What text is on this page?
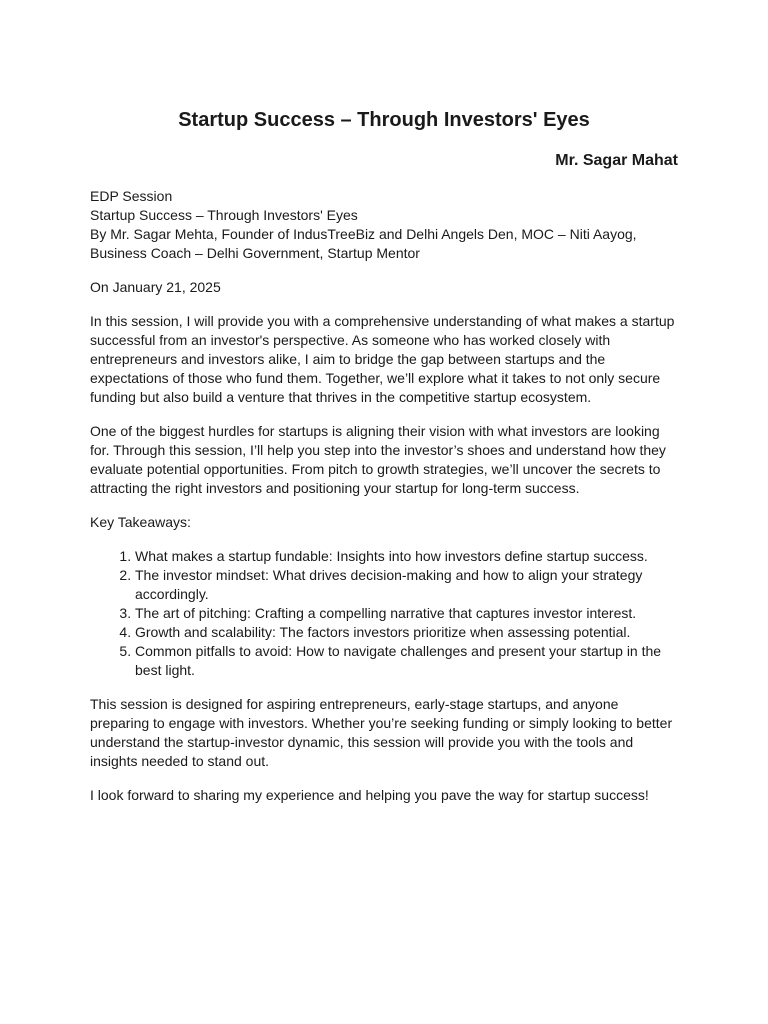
Startup Success – Through Investors' Eyes
Mr. Sagar Mahat

EDP Session
Startup Success – Through Investors' Eyes
By Mr. Sagar Mehta, Founder of IndusTreeBiz and Delhi Angels Den, MOC – Niti Aayog, Business Coach – Delhi Government, Startup Mentor

On January 21, 2025

In this session, I will provide you with a comprehensive understanding of what makes a startup successful from an investor's perspective. As someone who has worked closely with entrepreneurs and investors alike, I aim to bridge the gap between startups and the expectations of those who fund them. Together, we’ll explore what it takes to not only secure funding but also build a venture that thrives in the competitive startup ecosystem.

One of the biggest hurdles for startups is aligning their vision with what investors are looking for. Through this session, I’ll help you step into the investor’s shoes and understand how they evaluate potential opportunities. From pitch to growth strategies, we’ll uncover the secrets to attracting the right investors and positioning your startup for long-term success.

Key Takeaways:

1. What makes a startup fundable: Insights into how investors define startup success.
2. The investor mindset: What drives decision-making and how to align your strategy accordingly.
3. The art of pitching: Crafting a compelling narrative that captures investor interest.
4. Growth and scalability: The factors investors prioritize when assessing potential.
5. Common pitfalls to avoid: How to navigate challenges and present your startup in the best light.

This session is designed for aspiring entrepreneurs, early-stage startups, and anyone preparing to engage with investors. Whether you’re seeking funding or simply looking to better understand the startup-investor dynamic, this session will provide you with the tools and insights needed to stand out.

I look forward to sharing my experience and helping you pave the way for startup success!
